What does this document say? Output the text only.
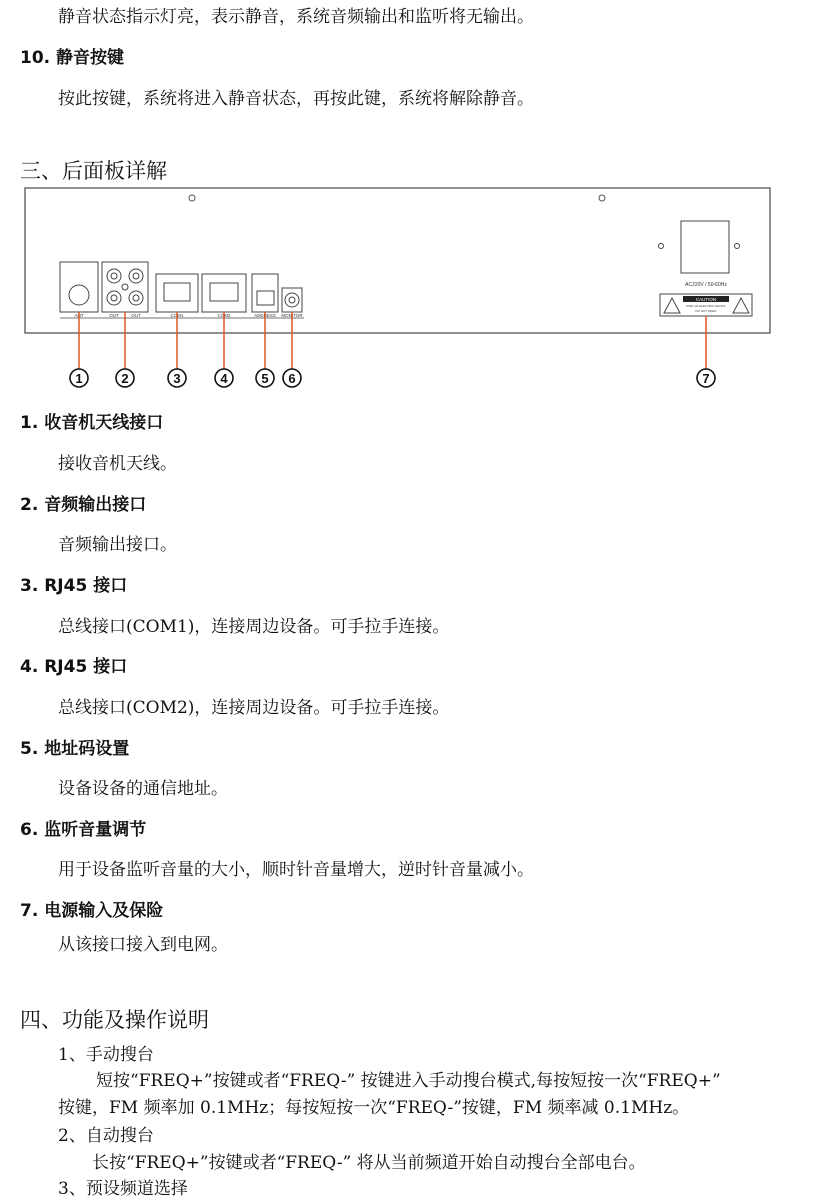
静音状态指示灯亮，表示静音，系统音频输出和监听将无输出。
10. 静音按键
按此按键，系统将进入静音状态，再按此键，系统将解除静音。
三、后面板详解
ANT	OUT	OUT	COM1	COM2	ADDRESS MONITOR
AC220V / 50-60Hz
CAUTION
RISK OF ELECTRIC SHOCK
DO NOT OPEN
1	2	3	4	5 6	7
1. 收音机天线接口
接收音机天线。
2. 音频输出接口
音频输出接口。
3. RJ45 接口
总线接口(COM1)，连接周边设备。可手拉手连接。
4. RJ45 接口
总线接口(COM2)，连接周边设备。可手拉手连接。
5. 地址码设置
设备设备的通信地址。
6. 监听音量调节
用于设备监听音量的大小，顺时针音量增大，逆时针音量减小。
7. 电源输入及保险
从该接口接入到电网。
四、功能及操作说明
1、手动搜台
短按“FREQ+”按键或者“FREQ-” 按键进入手动搜台模式,每按短按一次“FREQ+”
按键，FM 频率加 0.1MHz；每按短按一次“FREQ-”按键，FM 频率减 0.1MHz。
2、自动搜台
长按“FREQ+”按键或者“FREQ-” 将从当前频道开始自动搜台全部电台。
3、预设频道选择
